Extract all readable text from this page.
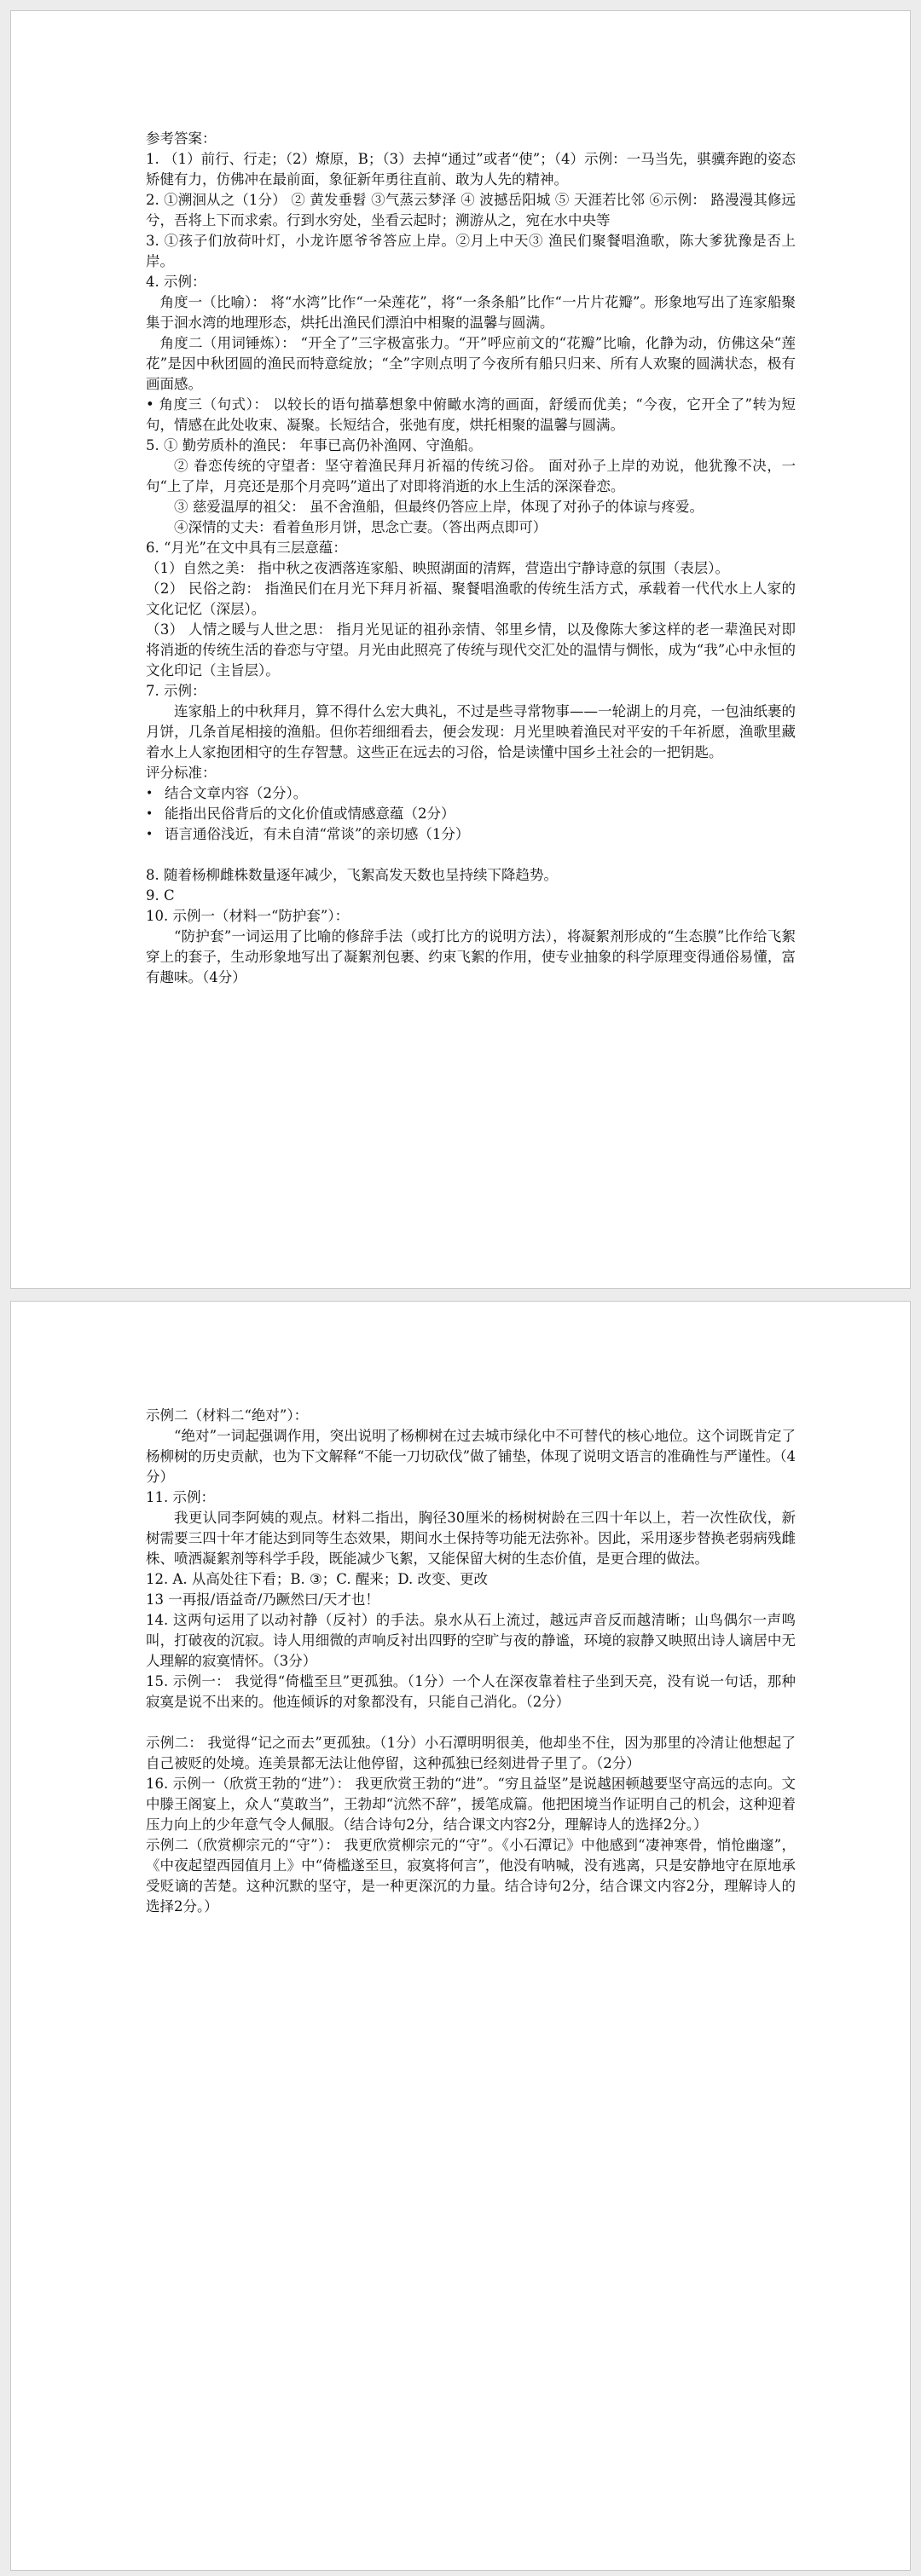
参考答案：

1. （1）前行、行走；（2）燎原，B；（3）去掉“通过”或者“使”；（4）示例：一马当先，骐骥奔跑的姿态矫健有力，仿佛冲在最前面，象征新年勇往直前、敢为人先的精神。

2. ①溯洄从之（1分） ② 黄发垂髫 ③气蒸云梦泽 ④ 波撼岳阳城 ⑤ 天涯若比邻 ⑥示例： 路漫漫其修远兮，吾将上下而求索。行到水穷处，坐看云起时；溯游从之，宛在水中央等

3. ①孩子们放荷叶灯，小龙许愿爷爷答应上岸。②月上中天③ 渔民们聚餐唱渔歌，陈大爹犹豫是否上岸。

4. 示例：

角度一（比喻）： 将“水湾”比作“一朵莲花”，将“一条条船”比作“一片片花瓣”。形象地写出了连家船聚集于洄水湾的地理形态，烘托出渔民们漂泊中相聚的温馨与圆满。

角度二（用词锤炼）： “开全了”三字极富张力。“开”呼应前文的“花瓣”比喻，化静为动，仿佛这朵“莲花”是因中秋团圆的渔民而特意绽放；“全”字则点明了今夜所有船只归来、所有人欢聚的圆满状态，极有画面感。

• 角度三（句式）： 以较长的语句描摹想象中俯瞰水湾的画面，舒缓而优美；“今夜，它开全了”转为短句，情感在此处收束、凝聚。长短结合，张弛有度，烘托相聚的温馨与圆满。

5. ① 勤劳质朴的渔民： 年事已高仍补渔网、守渔船。

② 眷恋传统的守望者：坚守着渔民拜月祈福的传统习俗。 面对孙子上岸的劝说，他犹豫不决，一句“上了岸，月亮还是那个月亮吗”道出了对即将消逝的水上生活的深深眷恋。

③ 慈爱温厚的祖父： 虽不舍渔船，但最终仍答应上岸，体现了对孙子的体谅与疼爱。

④深情的丈夫：看着鱼形月饼，思念亡妻。（答出两点即可）

6. “月光”在文中具有三层意蕴：

（1）自然之美： 指中秋之夜洒落连家船、映照湖面的清辉，营造出宁静诗意的氛围（表层）。

（2） 民俗之韵： 指渔民们在月光下拜月祈福、聚餐唱渔歌的传统生活方式，承载着一代代水上人家的文化记忆（深层）。

（3） 人情之暖与人世之思： 指月光见证的祖孙亲情、邻里乡情，以及像陈大爹这样的老一辈渔民对即将消逝的传统生活的眷恋与守望。月光由此照亮了传统与现代交汇处的温情与惆怅，成为“我”心中永恒的文化印记（主旨层）。

7. 示例：

连家船上的中秋拜月，算不得什么宏大典礼，不过是些寻常物事——一轮湖上的月亮，一包油纸裹的月饼，几条首尾相接的渔船。但你若细细看去，便会发现：月光里映着渔民对平安的千年祈愿，渔歌里藏着水上人家抱团相守的生存智慧。这些正在远去的习俗，恰是读懂中国乡土社会的一把钥匙。

评分标准：

• 结合文章内容（2分）。
• 能指出民俗背后的文化价值或情感意蕴（2分）
• 语言通俗浅近，有未自清“常谈”的亲切感（1分）

8. 随着杨柳雌株数量逐年减少，飞絮高发天数也呈持续下降趋势。

9. C

10. 示例一（材料一“防护套”）：

“防护套”一词运用了比喻的修辞手法（或打比方的说明方法），将凝絮剂形成的“生态膜”比作给飞絮穿上的套子，生动形象地写出了凝絮剂包裹、约束飞絮的作用，使专业抽象的科学原理变得通俗易懂，富有趣味。（4分）

示例二（材料二“绝对”）：

“绝对”一词起强调作用，突出说明了杨柳树在过去城市绿化中不可替代的核心地位。这个词既肯定了杨柳树的历史贡献，也为下文解释“不能一刀切砍伐”做了铺垫，体现了说明文语言的准确性与严谨性。（4分）

11. 示例：

我更认同李阿姨的观点。材料二指出，胸径30厘米的杨树树龄在三四十年以上，若一次性砍伐，新树需要三四十年才能达到同等生态效果，期间水土保持等功能无法弥补。因此，采用逐步替换老弱病残雌株、喷洒凝絮剂等科学手段，既能减少飞絮，又能保留大树的生态价值，是更合理的做法。

12. A. 从高处往下看；B. ③；C. 醒来；D. 改变、更改

13 一再报/语益奇/乃蹶然曰/天才也！

14. 这两句运用了以动衬静（反衬）的手法。泉水从石上流过，越远声音反而越清晰；山鸟偶尔一声鸣叫，打破夜的沉寂。诗人用细微的声响反衬出四野的空旷与夜的静谧，环境的寂静又映照出诗人谪居中无人理解的寂寞情怀。（3分）

15. 示例一： 我觉得“倚槛至旦”更孤独。（1分）一个人在深夜靠着柱子坐到天亮，没有说一句话，那种寂寞是说不出来的。他连倾诉的对象都没有，只能自己消化。（2分）

示例二： 我觉得“记之而去”更孤独。（1分）小石潭明明很美，他却坐不住，因为那里的冷清让他想起了自己被贬的处境。连美景都无法让他停留，这种孤独已经刻进骨子里了。（2分）

16. 示例一（欣赏王勃的“进”）： 我更欣赏王勃的“进”。“穷且益坚”是说越困顿越要坚守高远的志向。文中滕王阁宴上，众人“莫敢当”，王勃却“沆然不辞”，援笔成篇。他把困境当作证明自己的机会，这种迎着压力向上的少年意气令人佩服。（结合诗句2分，结合课文内容2分，理解诗人的选择2分。）

示例二（欣赏柳宗元的“守”）： 我更欣赏柳宗元的“守”。《小石潭记》中他感到“凄神寒骨，悄怆幽邃”，《中夜起望西园值月上》中“倚槛遂至旦，寂寞将何言”，他没有呐喊，没有逃离，只是安静地守在原地承受贬谪的苦楚。这种沉默的坚守，是一种更深沉的力量。结合诗句2分，结合课文内容2分，理解诗人的选择2分。）
